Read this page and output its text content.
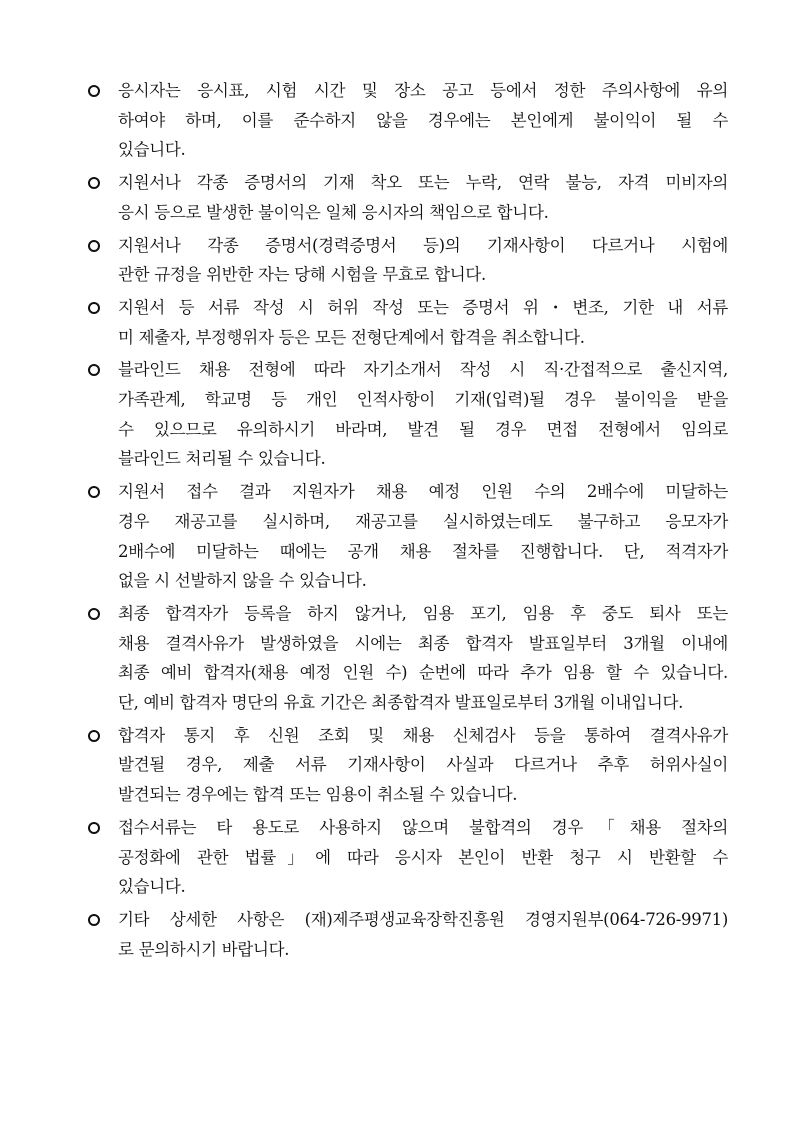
응시자는 응시표, 시험 시간 및 장소 공고 등에서 정한 주의사항에 유의
하여야 하며, 이를 준수하지 않을 경우에는 본인에게 불이익이 될 수
있습니다.
지원서나 각종 증명서의 기재 착오 또는 누락, 연락 불능, 자격 미비자의
응시 등으로 발생한 불이익은 일체 응시자의 책임으로 합니다.
지원서나 각종 증명서(경력증명서 등)의 기재사항이 다르거나 시험에
관한 규정을 위반한 자는 당해 시험을 무효로 합니다.
지원서 등 서류 작성 시 허위 작성 또는 증명서 위・변조, 기한 내 서류
미 제출자, 부정행위자 등은 모든 전형단계에서 합격을 취소합니다.
블라인드 채용 전형에 따라 자기소개서 작성 시 직·간접적으로 출신지역,
가족관계, 학교명 등 개인 인적사항이 기재(입력)될 경우 불이익을 받을
수 있으므로 유의하시기 바라며, 발견 될 경우 면접 전형에서 임의로
블라인드 처리될 수 있습니다.
지원서 접수 결과 지원자가 채용 예정 인원 수의 2배수에 미달하는
경우 재공고를 실시하며, 재공고를 실시하였는데도 불구하고 응모자가
2배수에 미달하는 때에는 공개 채용 절차를 진행합니다. 단, 적격자가
없을 시 선발하지 않을 수 있습니다.
최종 합격자가 등록을 하지 않거나, 임용 포기, 임용 후 중도 퇴사 또는
채용 결격사유가 발생하였을 시에는 최종 합격자 발표일부터 3개월 이내에
최종 예비 합격자(채용 예정 인원 수) 순번에 따라 추가 임용 할 수 있습니다.
단, 예비 합격자 명단의 유효 기간은 최종합격자 발표일로부터 3개월 이내입니다.
합격자 통지 후 신원 조회 및 채용 신체검사 등을 통하여 결격사유가
발견될 경우, 제출 서류 기재사항이 사실과 다르거나 추후 허위사실이
발견되는 경우에는 합격 또는 임용이 취소될 수 있습니다.
접수서류는 타 용도로 사용하지 않으며 불합격의 경우「채용 절차의
공정화에 관한 법률」에 따라 응시자 본인이 반환 청구 시 반환할 수
있습니다.
기타 상세한 사항은 (재)제주평생교육장학진흥원 경영지원부(064-726-9971)
로 문의하시기 바랍니다.
